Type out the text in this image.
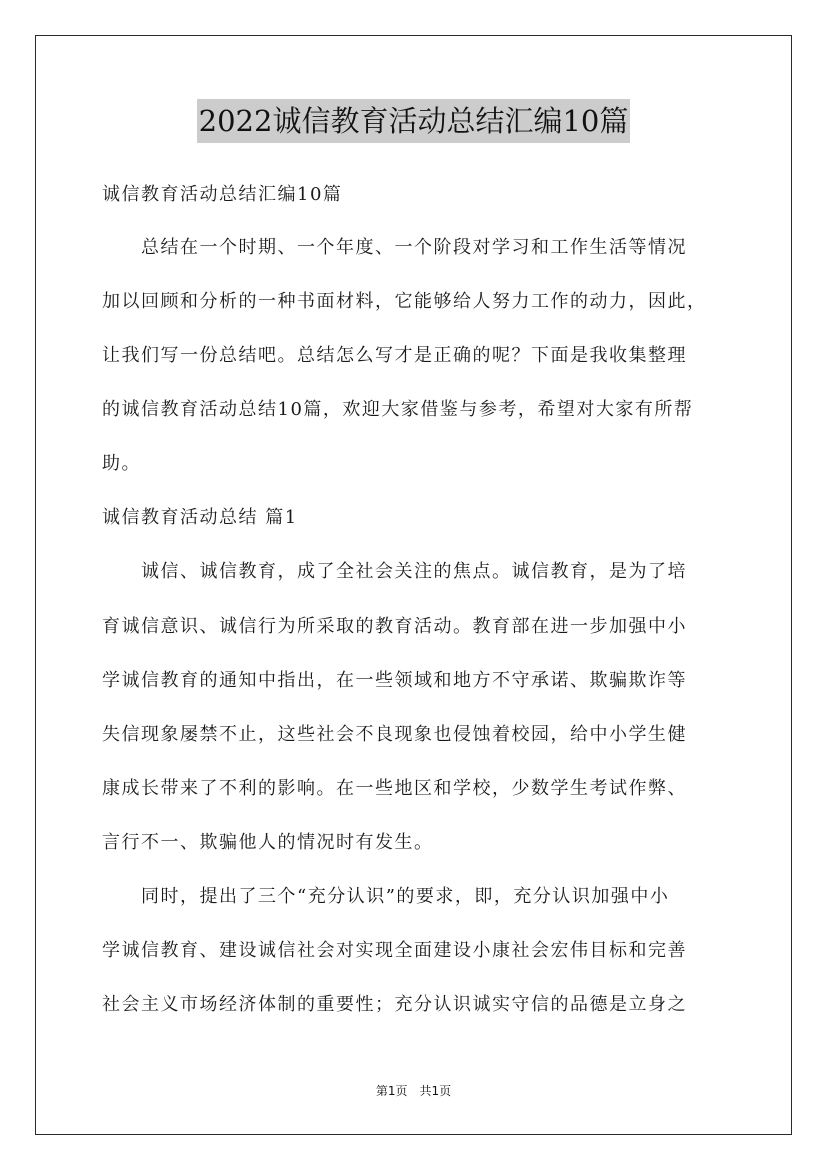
2022诚信教育活动总结汇编10篇

诚信教育活动总结汇编10篇

　　总结在一个时期、一个年度、一个阶段对学习和工作生活等情况

加以回顾和分析的一种书面材料，它能够给人努力工作的动力，因此，

让我们写一份总结吧。总结怎么写才是正确的呢？下面是我收集整理

的诚信教育活动总结10篇，欢迎大家借鉴与参考，希望对大家有所帮

助。

诚信教育活动总结 篇1

　　诚信、诚信教育，成了全社会关注的焦点。诚信教育，是为了培

育诚信意识、诚信行为所采取的教育活动。教育部在进一步加强中小

学诚信教育的通知中指出，在一些领域和地方不守承诺、欺骗欺诈等

失信现象屡禁不止，这些社会不良现象也侵蚀着校园，给中小学生健

康成长带来了不利的影响。在一些地区和学校，少数学生考试作弊、

言行不一、欺骗他人的情况时有发生。

　　同时，提出了三个“充分认识”的要求，即，充分认识加强中小

学诚信教育、建设诚信社会对实现全面建设小康社会宏伟目标和完善

社会主义市场经济体制的重要性；充分认识诚实守信的品德是立身之

第1页　共1页
